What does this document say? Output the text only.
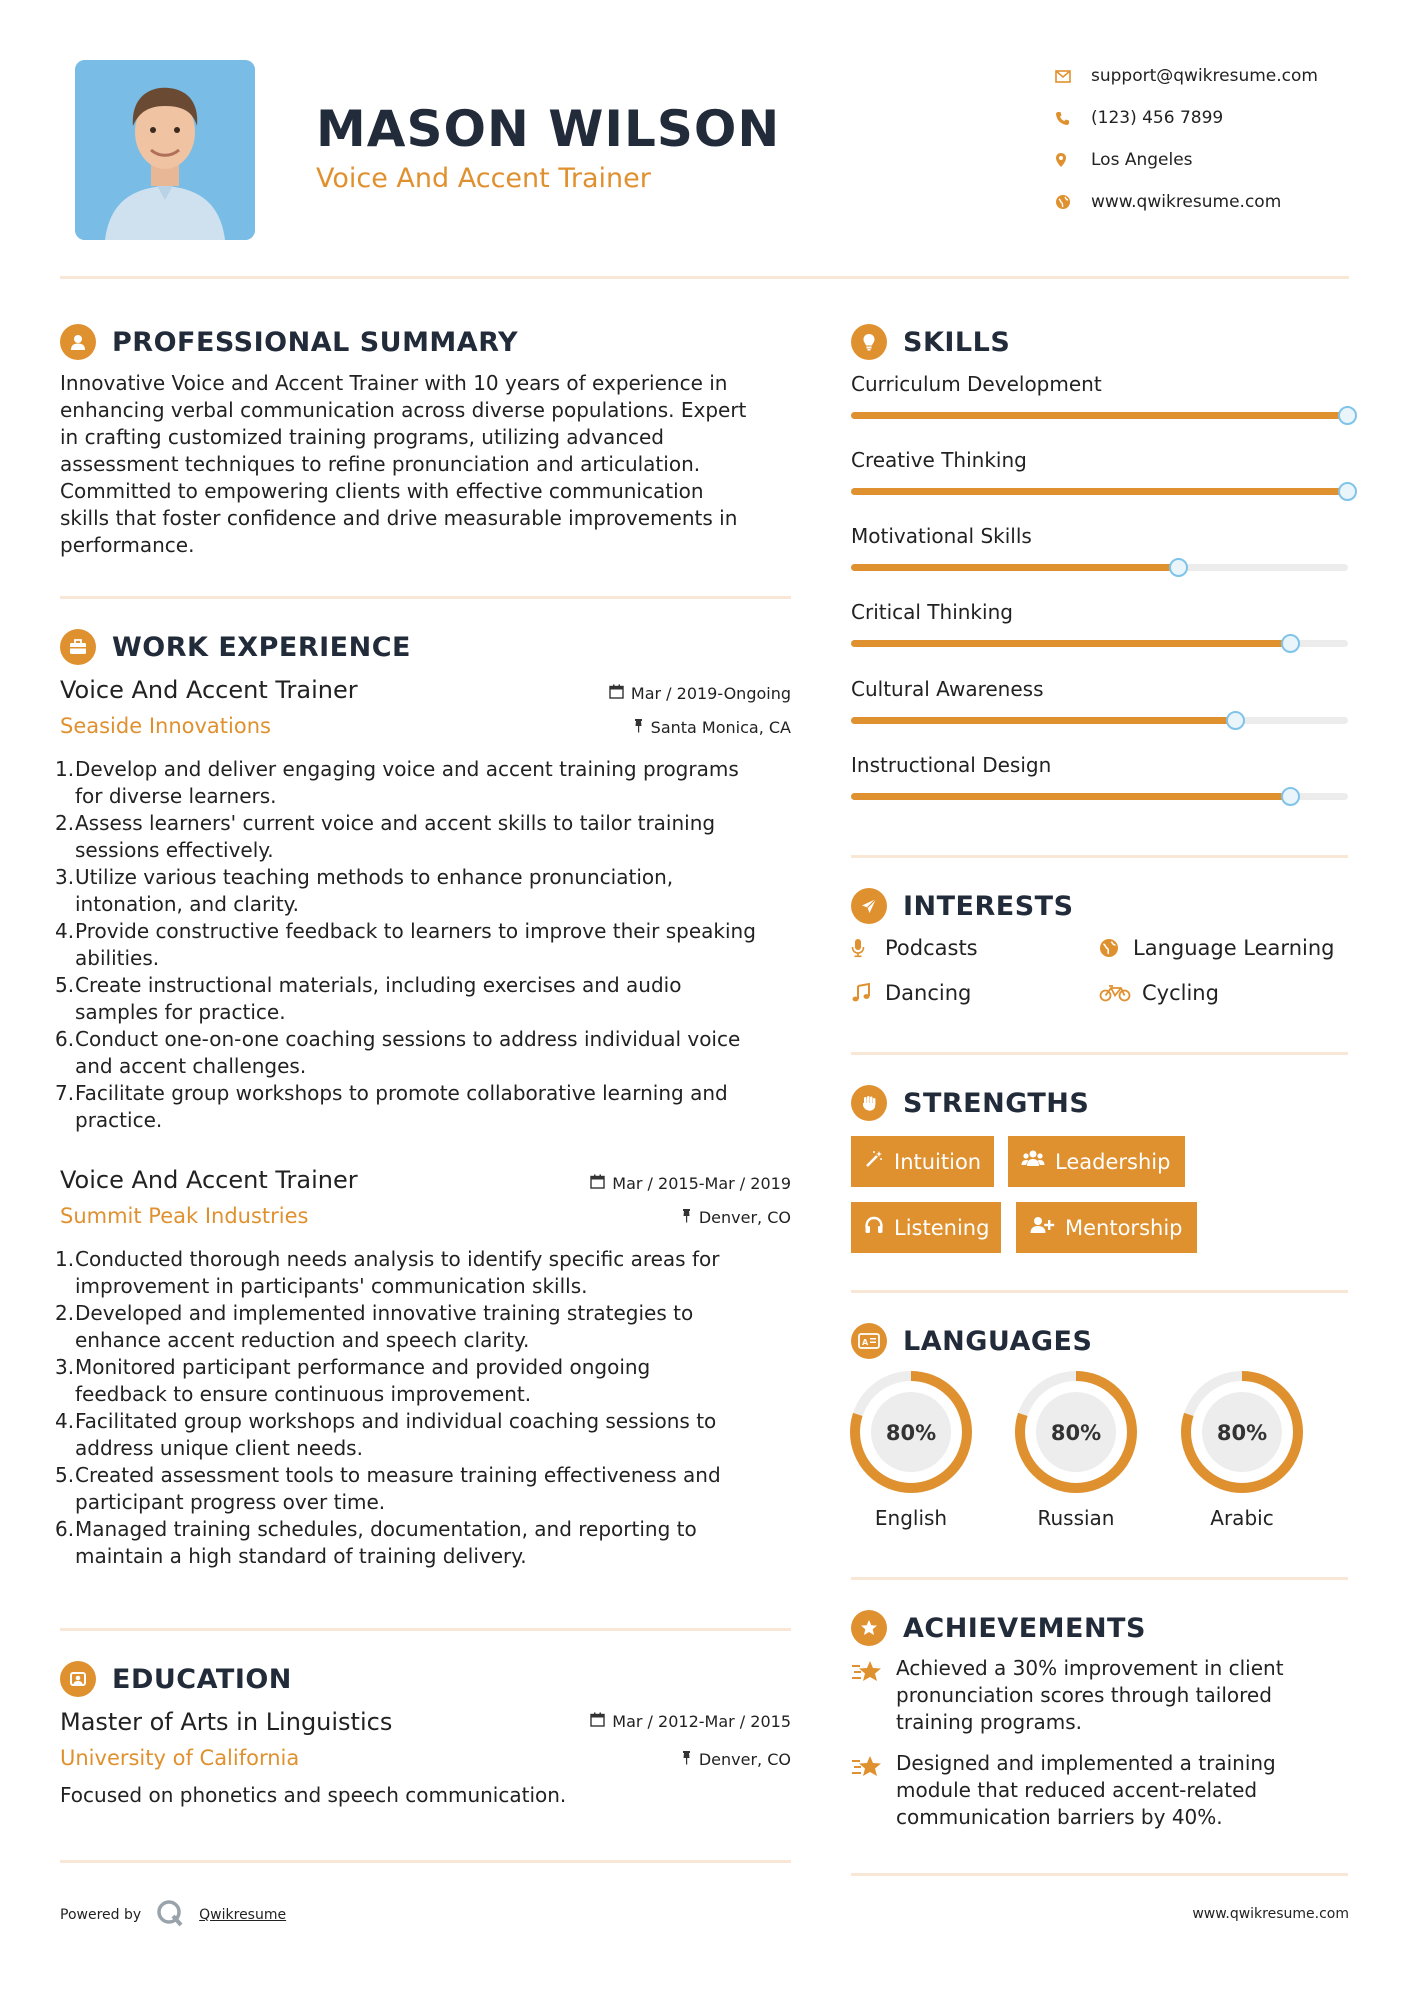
MASON WILSON
Voice And Accent Trainer
support@qwikresume.com
(123) 456 7899
Los Angeles
www.qwikresume.com
PROFESSIONAL SUMMARY
Innovative Voice and Accent Trainer with 10 years of experience in
enhancing verbal communication across diverse populations. Expert
in crafting customized training programs, utilizing advanced
assessment techniques to refine pronunciation and articulation.
Committed to empowering clients with effective communication
skills that foster confidence and drive measurable improvements in
performance.
WORK EXPERIENCE
Voice And Accent Trainer	Mar / 2019-Ongoing
Seaside Innovations	Santa Monica, CA
1. Develop and deliver engaging voice and accent training programs
for diverse learners.
2. Assess learners' current voice and accent skills to tailor training
sessions effectively.
3. Utilize various teaching methods to enhance pronunciation,
intonation, and clarity.
4. Provide constructive feedback to learners to improve their speaking
abilities.
5. Create instructional materials, including exercises and audio
samples for practice.
6. Conduct one-on-one coaching sessions to address individual voice
and accent challenges.
7. Facilitate group workshops to promote collaborative learning and
practice.
Voice And Accent Trainer	Mar / 2015-Mar / 2019
Summit Peak Industries	Denver, CO
1. Conducted thorough needs analysis to identify specific areas for
improvement in participants' communication skills.
2. Developed and implemented innovative training strategies to
enhance accent reduction and speech clarity.
3. Monitored participant performance and provided ongoing
feedback to ensure continuous improvement.
4. Facilitated group workshops and individual coaching sessions to
address unique client needs.
5. Created assessment tools to measure training effectiveness and
participant progress over time.
6. Managed training schedules, documentation, and reporting to
maintain a high standard of training delivery.
EDUCATION
Master of Arts in Linguistics	Mar / 2012-Mar / 2015
University of California	Denver, CO
Focused on phonetics and speech communication.
SKILLS
Curriculum Development
Creative Thinking
Motivational Skills
Critical Thinking
Cultural Awareness
Instructional Design
INTERESTS
Podcasts	Language Learning
Dancing	Cycling
STRENGTHS
Intuition	Leadership
Listening	Mentorship
A LANGUAGES
80%
English
80%
Russian
80%
Arabic
ACHIEVEMENTS
Achieved a 30% improvement in client
pronunciation scores through tailored
training programs.
Designed and implemented a training
module that reduced accent-related
communication barriers by 40%.
Powered by	Qwikresume	www.qwikresume.com
